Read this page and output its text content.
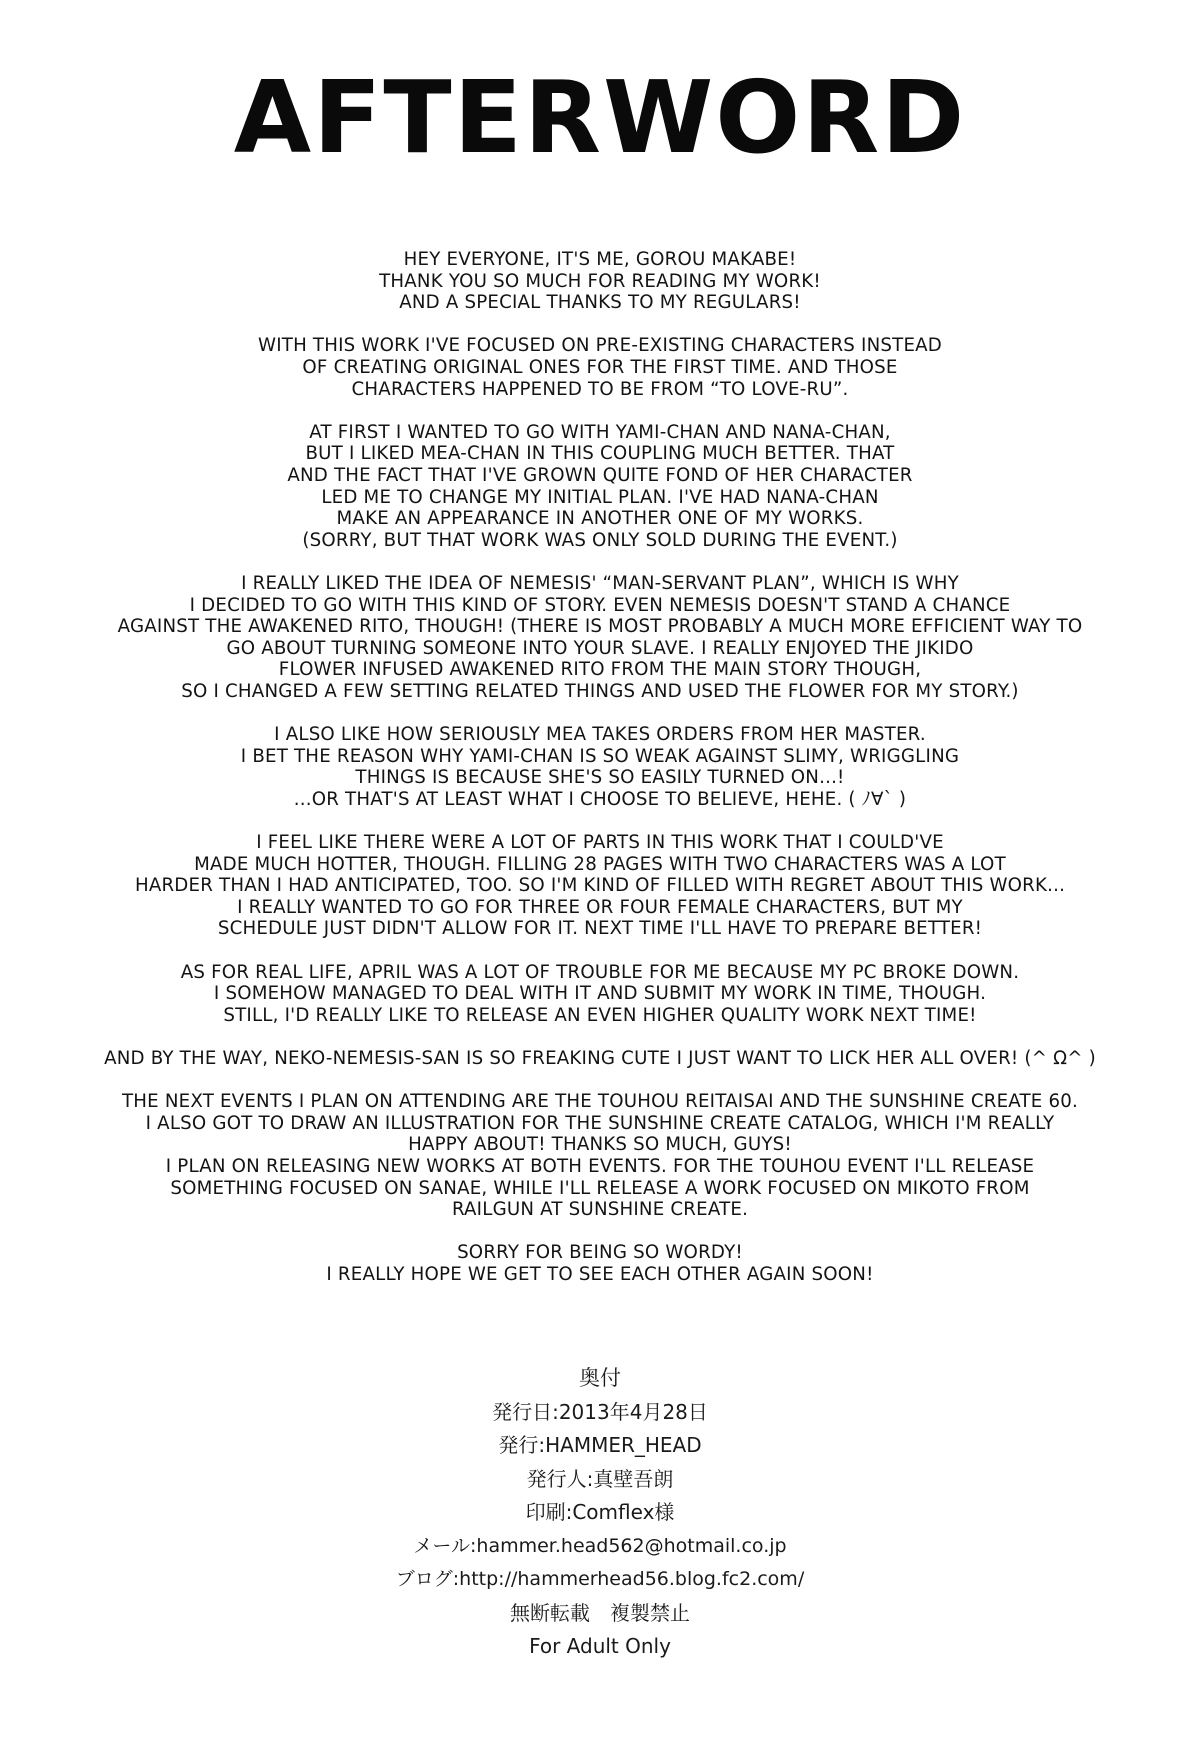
AFTERWORD

HEY EVERYONE, IT'S ME, GOROU MAKABE!
THANK YOU SO MUCH FOR READING MY WORK!
AND A SPECIAL THANKS TO MY REGULARS!

WITH THIS WORK I'VE FOCUSED ON PRE-EXISTING CHARACTERS INSTEAD
OF CREATING ORIGINAL ONES FOR THE FIRST TIME. AND THOSE
CHARACTERS HAPPENED TO BE FROM “TO LOVE-RU”.

AT FIRST I WANTED TO GO WITH YAMI-CHAN AND NANA-CHAN,
BUT I LIKED MEA-CHAN IN THIS COUPLING MUCH BETTER. THAT
AND THE FACT THAT I'VE GROWN QUITE FOND OF HER CHARACTER
LED ME TO CHANGE MY INITIAL PLAN. I'VE HAD NANA-CHAN
MAKE AN APPEARANCE IN ANOTHER ONE OF MY WORKS.
(SORRY, BUT THAT WORK WAS ONLY SOLD DURING THE EVENT.)

I REALLY LIKED THE IDEA OF NEMESIS' “MAN-SERVANT PLAN”, WHICH IS WHY
I DECIDED TO GO WITH THIS KIND OF STORY. EVEN NEMESIS DOESN'T STAND A CHANCE
AGAINST THE AWAKENED RITO, THOUGH! (THERE IS MOST PROBABLY A MUCH MORE EFFICIENT WAY TO
GO ABOUT TURNING SOMEONE INTO YOUR SLAVE. I REALLY ENJOYED THE JIKIDO
FLOWER INFUSED AWAKENED RITO FROM THE MAIN STORY THOUGH,
SO I CHANGED A FEW SETTING RELATED THINGS AND USED THE FLOWER FOR MY STORY.)

I ALSO LIKE HOW SERIOUSLY MEA TAKES ORDERS FROM HER MASTER.
I BET THE REASON WHY YAMI-CHAN IS SO WEAK AGAINST SLIMY, WRIGGLING
THINGS IS BECAUSE SHE'S SO EASILY TURNED ON...!
...OR THAT'S AT LEAST WHAT I CHOOSE TO BELIEVE, HEHE. ( ﾉ∀` )

I FEEL LIKE THERE WERE A LOT OF PARTS IN THIS WORK THAT I COULD'VE
MADE MUCH HOTTER, THOUGH. FILLING 28 PAGES WITH TWO CHARACTERS WAS A LOT
HARDER THAN I HAD ANTICIPATED, TOO. SO I'M KIND OF FILLED WITH REGRET ABOUT THIS WORK...
I REALLY WANTED TO GO FOR THREE OR FOUR FEMALE CHARACTERS, BUT MY
SCHEDULE JUST DIDN'T ALLOW FOR IT. NEXT TIME I'LL HAVE TO PREPARE BETTER!

AS FOR REAL LIFE, APRIL WAS A LOT OF TROUBLE FOR ME BECAUSE MY PC BROKE DOWN.
I SOMEHOW MANAGED TO DEAL WITH IT AND SUBMIT MY WORK IN TIME, THOUGH.
STILL, I'D REALLY LIKE TO RELEASE AN EVEN HIGHER QUALITY WORK NEXT TIME!

AND BY THE WAY, NEKO-NEMESIS-SAN IS SO FREAKING CUTE I JUST WANT TO LICK HER ALL OVER! (^ Ω^ )

THE NEXT EVENTS I PLAN ON ATTENDING ARE THE TOUHOU REITAISAI AND THE SUNSHINE CREATE 60.
I ALSO GOT TO DRAW AN ILLUSTRATION FOR THE SUNSHINE CREATE CATALOG, WHICH I'M REALLY
HAPPY ABOUT! THANKS SO MUCH, GUYS!
I PLAN ON RELEASING NEW WORKS AT BOTH EVENTS. FOR THE TOUHOU EVENT I'LL RELEASE
SOMETHING FOCUSED ON SANAE, WHILE I'LL RELEASE A WORK FOCUSED ON MIKOTO FROM
RAILGUN AT SUNSHINE CREATE.

SORRY FOR BEING SO WORDY!
I REALLY HOPE WE GET TO SEE EACH OTHER AGAIN SOON!

奥付
発行日:2013年4月28日
発行:HAMMER_HEAD
発行人:真壁吾朗
印刷:Comflex様
メール:hammer.head562@hotmail.co.jp
ブログ:http://hammerhead56.blog.fc2.com/
無断転載　複製禁止
For Adult Only
